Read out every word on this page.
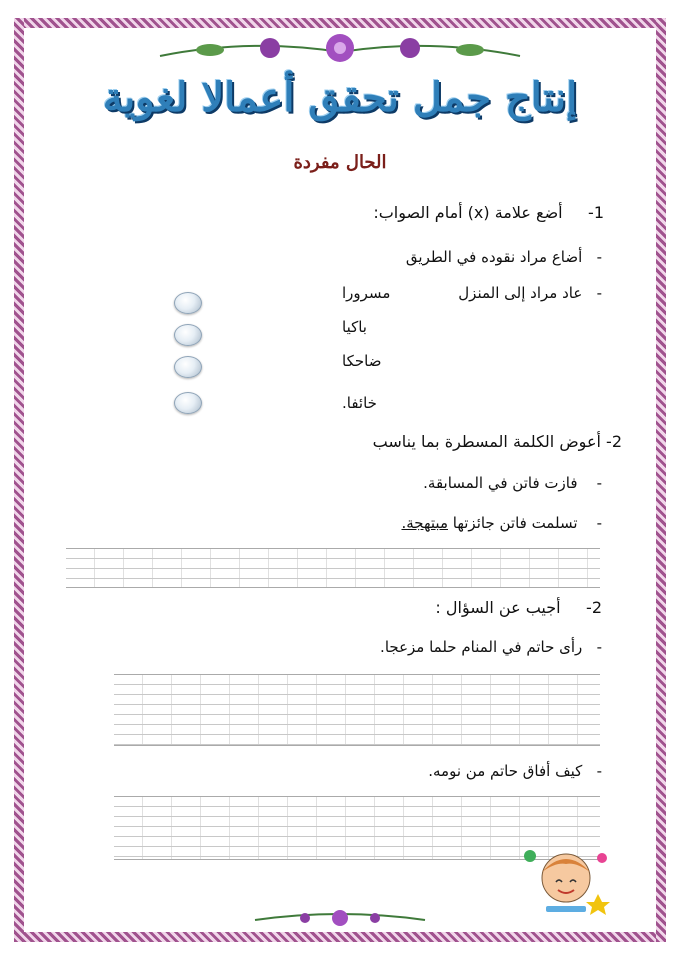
إنتاج جمل تحقق أعمالا لغوية
الحال مفردة
1-     أضع علامة (x) أمام الصواب:
-   أضاع مراد نقوده في الطريق
-   عاد مراد إلى المنزل
مسرورا
باكيا
ضاحكا
خائفا.
2- أعوض الكلمة المسطرة بما يناسب
-    فازت فاتن في المسابقة.
-    تسلمت فاتن جائزتها مبتهجة.
2-     أجيب عن السؤال :
-   رأى حاتم في المنام حلما مزعجا.
-   كيف أفاق حاتم من نومه.
